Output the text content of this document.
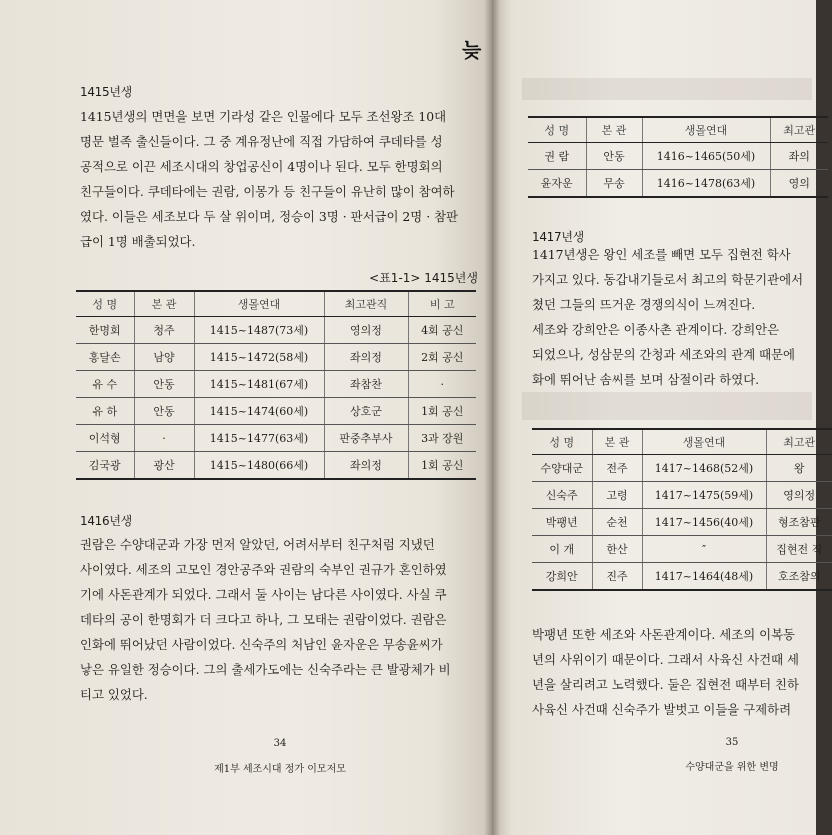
늦
1415년생
1415년생의 면면을 보면 기라성 같은 인물에다 모두 조선왕조 10대
명문 벌족 출신들이다. 그 중 계유정난에 직접 가담하여 쿠데타를 성
공적으로 이끈 세조시대의 창업공신이 4명이나 된다. 모두 한명회의
친구들이다. 쿠데타에는 권람, 이몽가 등 친구들이 유난히 많이 참여하
였다. 이들은 세조보다 두 살 위이며, 정승이 3명 · 판서급이 2명 · 참판
급이 1명 배출되었다.
<표1-1> 1415년생
성 명	본 관	생몰연대	최고관직	비 고
한명회	청주	1415~1487(73세)	영의정	4회 공신
홍달손	남양	1415~1472(58세)	좌의정	2회 공신
유 수	안동	1415~1481(67세)	좌참찬	·
유 하	안동	1415~1474(60세)	상호군	1회 공신
이석형	·	1415~1477(63세)	판중추부사	3과 장원
김국광	광산	1415~1480(66세)	좌의정	1회 공신
1416년생
권람은 수양대군과 가장 먼저 알았던, 어려서부터 친구처럼 지냈던
사이였다. 세조의 고모인 경안공주와 권람의 숙부인 권규가 혼인하였
기에 사돈관계가 되었다. 그래서 둘 사이는 남다른 사이였다. 사실 쿠
데타의 공이 한명회가 더 크다고 하나, 그 모태는 권람이었다. 권람은
인화에 뛰어났던 사람이었다. 신숙주의 처남인 윤자운은 무송윤씨가
낳은 유일한 정승이다. 그의 출세가도에는 신숙주라는 큰 발광체가 비
티고 있었다.
34
제1부 세조시대 정가 이모저모
성 명	본 관	생몰연대	최고관
권 람	안동	1416~1465(50세)	좌의
윤자운	무송	1416~1478(63세)	영의
1417년생
1417년생은 왕인 세조를 빼면 모두 집현전 학사
가지고 있다. 동갑내기들로서 최고의 학문기관에서
쳤던 그들의 뜨거운 경쟁의식이 느껴진다.
세조와 강희안은 이종사촌 관계이다. 강희안은
되었으나, 성삼문의 간청과 세조와의 관계 때문에
화에 뛰어난 솜씨를 보며 삼절이라 하였다.
성 명	본 관	생몰연대	최고관
수양대군	전주	1417~1468(52세)	왕
신숙주	고령	1417~1475(59세)	영의정
박팽년	순천	1417~1456(40세)	형조참판
이 개	한산	″	집현전 직
강희안	진주	1417~1464(48세)	호조참의
박팽년 또한 세조와 사돈관계이다. 세조의 이복동
년의 사위이기 때문이다. 그래서 사육신 사건때 세
년을 살리려고 노력했다. 둘은 집현전 때부터 친하
사육신 사건때 신숙주가 발벗고 이들을 구제하려
35
수양대군을 위한 변명
